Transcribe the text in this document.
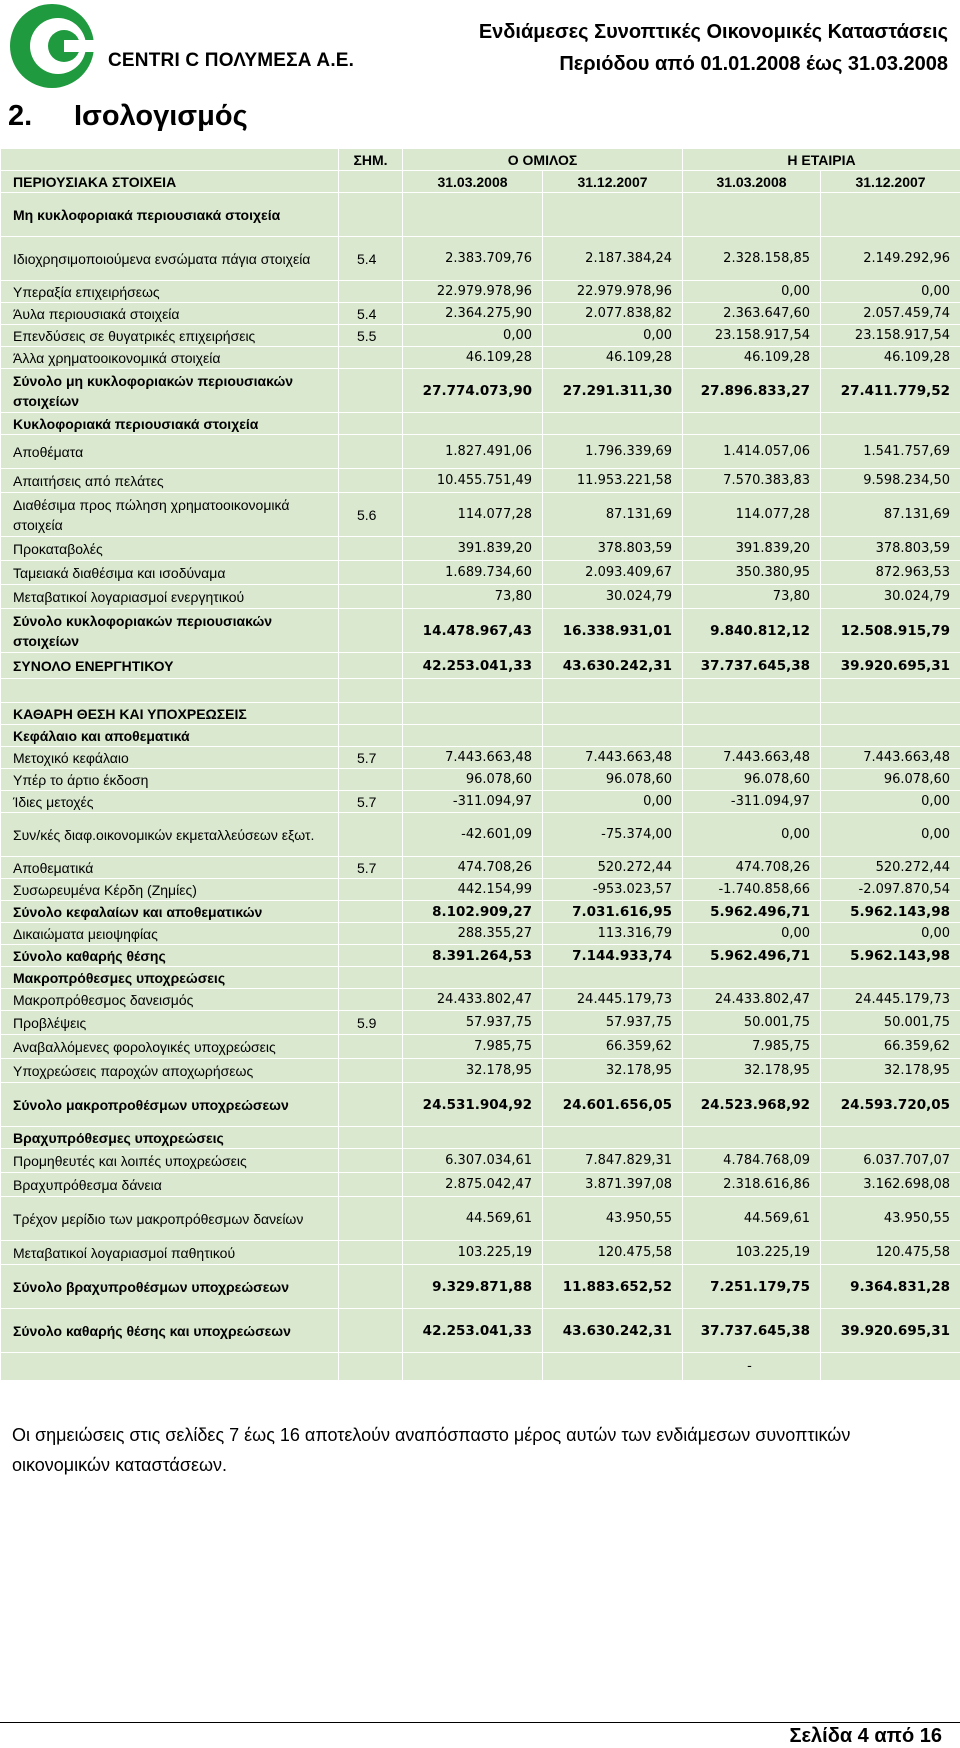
CENTRI C ΠΟΛΥΜΕΣΑ Α.Ε.
Ενδιάμεσες Συνοπτικές Οικονομικές Καταστάσεις
Περιόδου από 01.01.2008 έως 31.03.2008
2. Ισολογισμός
	ΣΗΜ.	Ο ΟΜΙΛΟΣ		Η ΕΤΑΙΡΙΑ	
ΠΕΡΙΟΥΣΙΑΚΑ ΣΤΟΙΧΕΙΑ		31.03.2008	31.12.2007	31.03.2008	31.12.2007
Μη κυκλοφοριακά περιουσιακά στοιχεία					
Ιδιοχρησιμοποιούμενα ενσώματα πάγια στοιχεία	5.4	2.383.709,76	2.187.384,24	2.328.158,85	2.149.292,96
Υπεραξία επιχειρήσεως		22.979.978,96	22.979.978,96	0,00	0,00
Άυλα περιουσιακά στοιχεία	5.4	2.364.275,90	2.077.838,82	2.363.647,60	2.057.459,74
Επενδύσεις σε θυγατρικές επιχειρήσεις	5.5	0,00	0,00	23.158.917,54	23.158.917,54
Άλλα χρηματοοικονομικά στοιχεία		46.109,28	46.109,28	46.109,28	46.109,28
Σύνολο μη κυκλοφοριακών περιουσιακών στοιχείων		27.774.073,90	27.291.311,30	27.896.833,27	27.411.779,52
Κυκλοφοριακά περιουσιακά στοιχεία					
Αποθέματα		1.827.491,06	1.796.339,69	1.414.057,06	1.541.757,69
Απαιτήσεις από πελάτες		10.455.751,49	11.953.221,58	7.570.383,83	9.598.234,50
Διαθέσιμα προς πώληση χρηματοοικονομικά στοιχεία	5.6	114.077,28	87.131,69	114.077,28	87.131,69
Προκαταβολές		391.839,20	378.803,59	391.839,20	378.803,59
Ταμειακά διαθέσιμα και ισοδύναμα		1.689.734,60	2.093.409,67	350.380,95	872.963,53
Μεταβατικοί λογαριασμοί ενεργητικού		73,80	30.024,79	73,80	30.024,79
Σύνολο κυκλοφοριακών περιουσιακών στοιχείων		14.478.967,43	16.338.931,01	9.840.812,12	12.508.915,79
ΣΥΝΟΛΟ ΕΝΕΡΓΗΤΙΚΟΥ		42.253.041,33	43.630.242,31	37.737.645,38	39.920.695,31

ΚΑΘΑΡΗ ΘΕΣΗ ΚΑΙ ΥΠΟΧΡΕΩΣΕΙΣ					
Κεφάλαιο και αποθεματικά					
Μετοχικό κεφάλαιο	5.7	7.443.663,48	7.443.663,48	7.443.663,48	7.443.663,48
Υπέρ το άρτιο έκδοση		96.078,60	96.078,60	96.078,60	96.078,60
Ίδιες μετοχές	5.7	-311.094,97	0,00	-311.094,97	0,00
Συν/κές διαφ.οικονομικών εκμεταλλεύσεων εξωτ.		-42.601,09	-75.374,00	0,00	0,00
Αποθεματικά	5.7	474.708,26	520.272,44	474.708,26	520.272,44
Συσωρευμένα Κέρδη (Ζημίες)		442.154,99	-953.023,57	-1.740.858,66	-2.097.870,54
Σύνολο κεφαλαίων και αποθεματικών		8.102.909,27	7.031.616,95	5.962.496,71	5.962.143,98
Δικαιώματα μειοψηφίας		288.355,27	113.316,79	0,00	0,00
Σύνολο καθαρής θέσης		8.391.264,53	7.144.933,74	5.962.496,71	5.962.143,98
Μακροπρόθεσμες υποχρεώσεις					
Μακροπρόθεσμος δανεισμός		24.433.802,47	24.445.179,73	24.433.802,47	24.445.179,73
Προβλέψεις	5.9	57.937,75	57.937,75	50.001,75	50.001,75
Αναβαλλόμενες φορολογικές υποχρεώσεις		7.985,75	66.359,62	7.985,75	66.359,62
Υποχρεώσεις παροχών αποχωρήσεως		32.178,95	32.178,95	32.178,95	32.178,95
Σύνολο μακροπροθέσμων υποχρεώσεων		24.531.904,92	24.601.656,05	24.523.968,92	24.593.720,05
Βραχυπρόθεσμες υποχρεώσεις					
Προμηθευτές και λοιπές υποχρεώσεις		6.307.034,61	7.847.829,31	4.784.768,09	6.037.707,07
Βραχυπρόθεσμα δάνεια		2.875.042,47	3.871.397,08	2.318.616,86	3.162.698,08
Τρέχον μερίδιο των μακροπρόθεσμων δανείων		44.569,61	43.950,55	44.569,61	43.950,55
Μεταβατικοί λογαριασμοί παθητικού		103.225,19	120.475,58	103.225,19	120.475,58
Σύνολο βραχυπροθέσμων υποχρεώσεων		9.329.871,88	11.883.652,52	7.251.179,75	9.364.831,28
Σύνολο καθαρής θέσης και υποχρεώσεων		42.253.041,33	43.630.242,31	37.737.645,38	39.920.695,31
				-	
Οι σημειώσεις στις σελίδες 7 έως 16 αποτελούν αναπόσπαστο μέρος αυτών των ενδιάμεσων συνοπτικών οικονομικών καταστάσεων.
Σελίδα 4 από 16
